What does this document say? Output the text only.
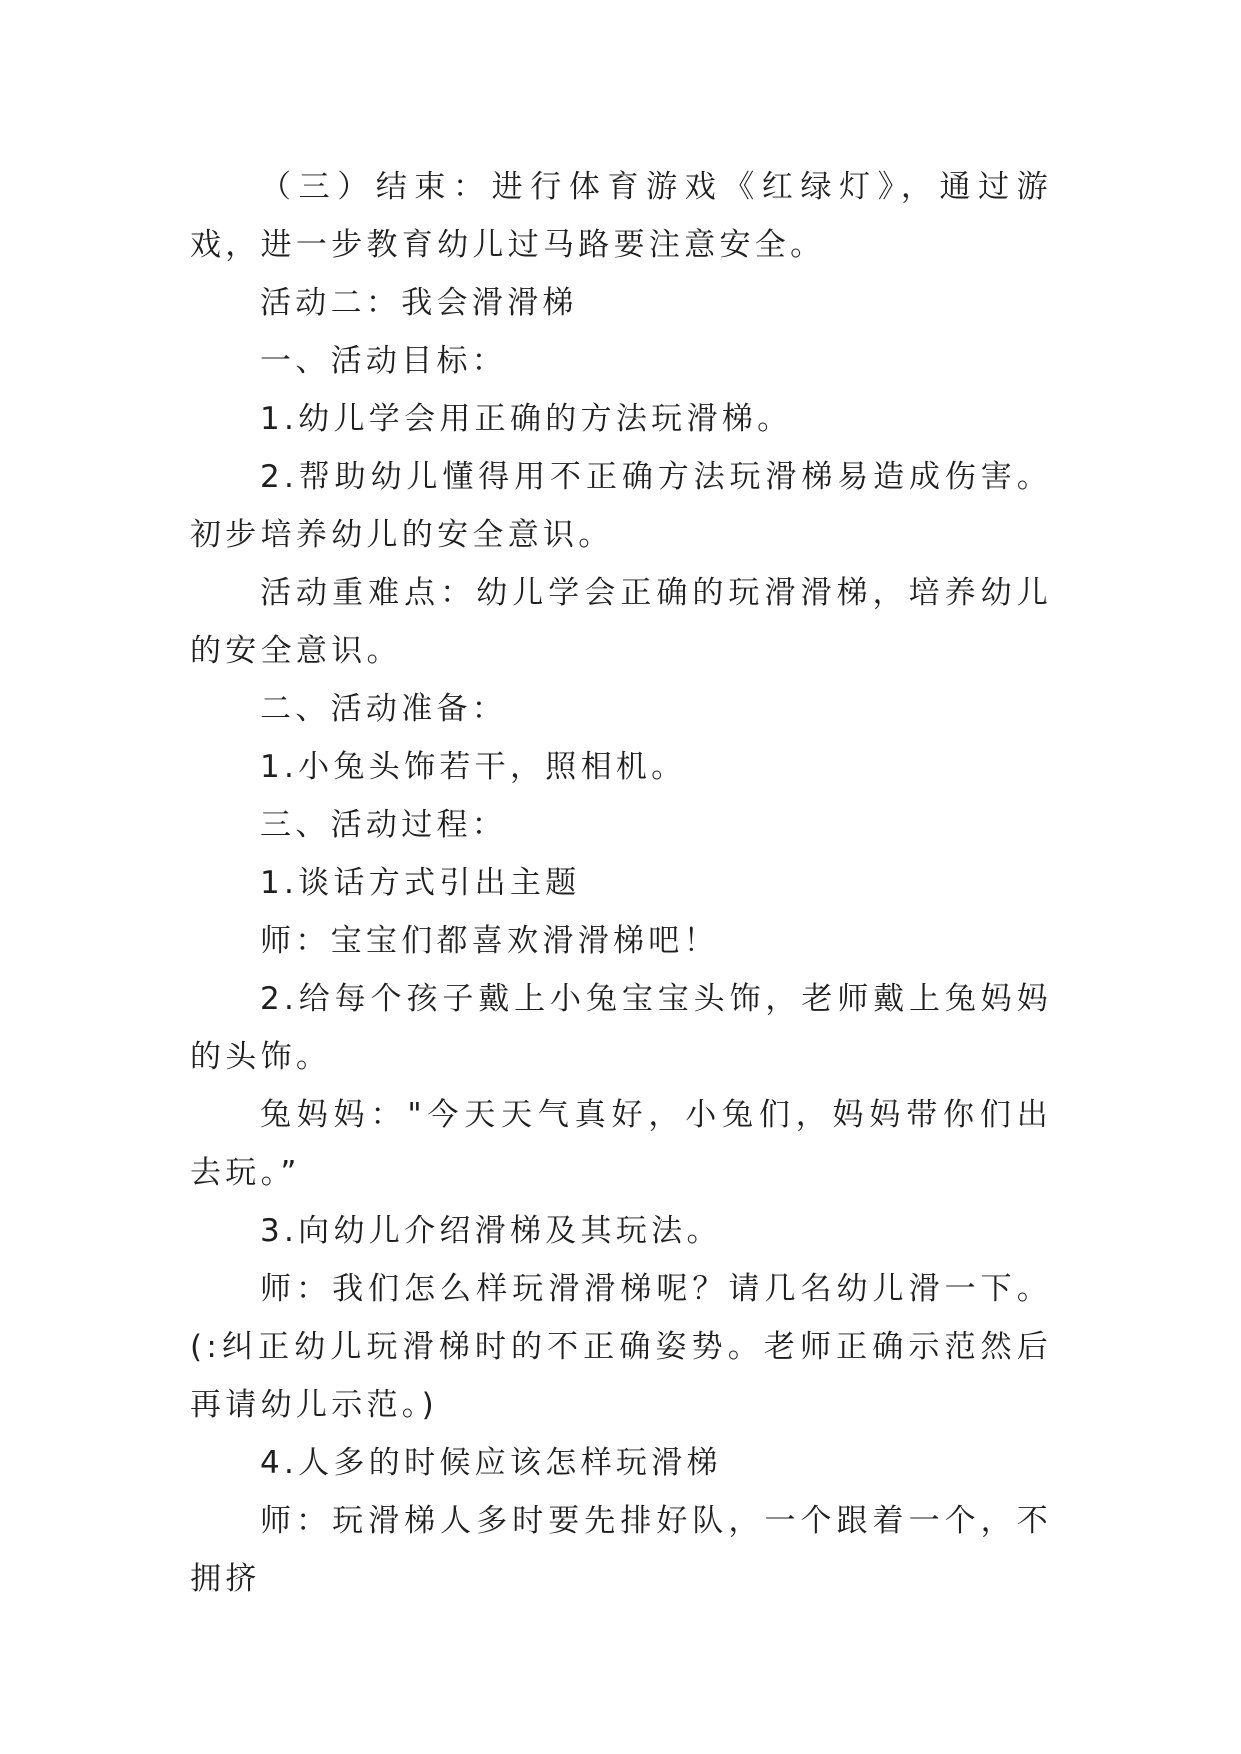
（三）结束：进行体育游戏《红绿灯》，通过游戏，进一步教育幼儿过马路要注意安全。

活动二：我会滑滑梯

一、活动目标：

1.幼儿学会用正确的方法玩滑梯。

2.帮助幼儿懂得用不正确方法玩滑梯易造成伤害。初步培养幼儿的安全意识。

活动重难点：幼儿学会正确的玩滑滑梯，培养幼儿的安全意识。

二、活动准备：

1.小兔头饰若干，照相机。

三、活动过程：

1.谈话方式引出主题

师：宝宝们都喜欢滑滑梯吧！

2.给每个孩子戴上小兔宝宝头饰，老师戴上兔妈妈的头饰。

兔妈妈："今天天气真好，小兔们，妈妈带你们出去玩。”

3.向幼儿介绍滑梯及其玩法。

师：我们怎么样玩滑滑梯呢？请几名幼儿滑一下。(:纠正幼儿玩滑梯时的不正确姿势。老师正确示范然后再请幼儿示范。)

4.人多的时候应该怎样玩滑梯

师：玩滑梯人多时要先排好队，一个跟着一个，不拥挤
